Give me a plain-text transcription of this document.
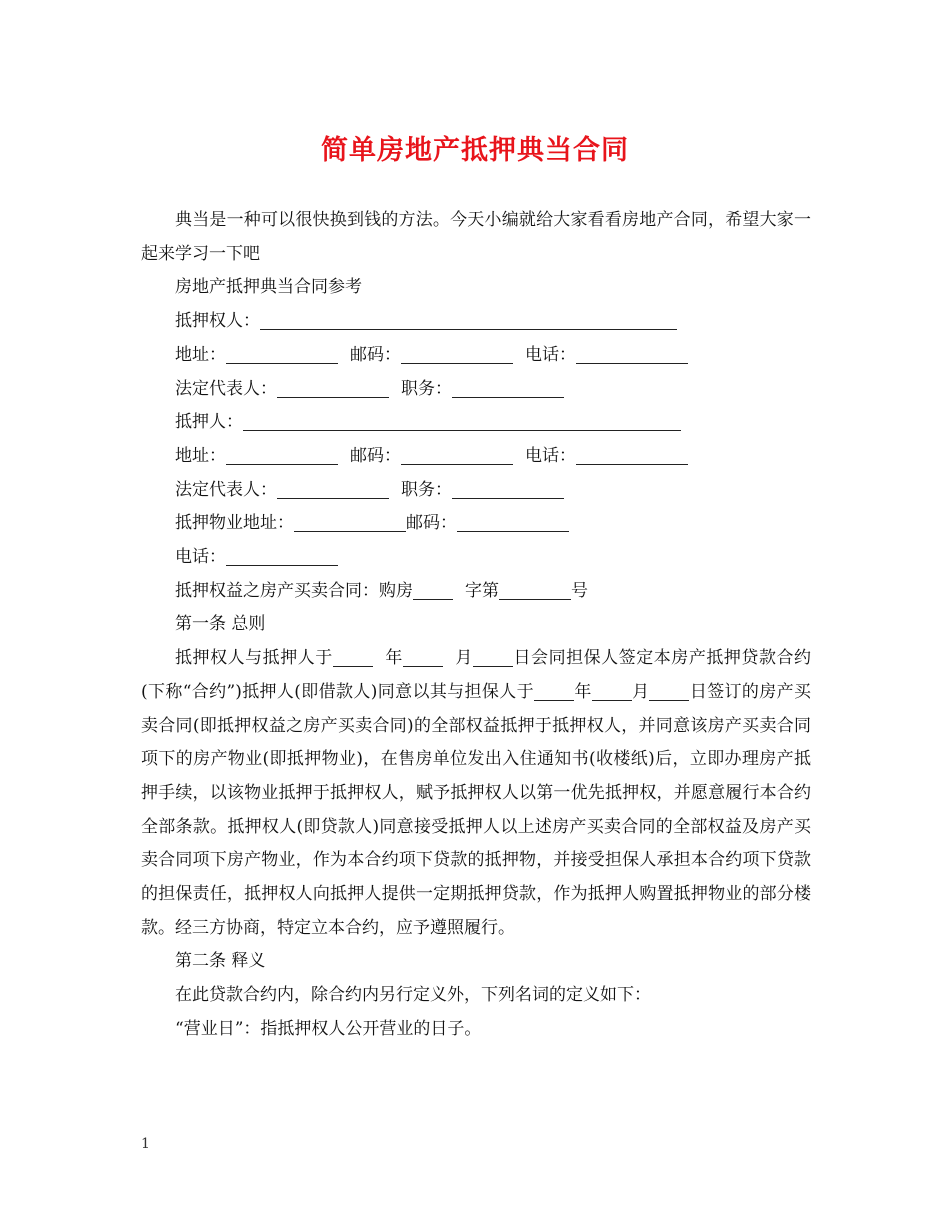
简单房地产抵押典当合同

典当是一种可以很快换到钱的方法。今天小编就给大家看看房地产合同，希望大家一起来学习一下吧

房地产抵押典当合同参考

抵押权人：

地址：	邮码：	电话：

法定代表人：	职务：

抵押人：

地址：	邮码：	电话：

法定代表人：	职务：

抵押物业地址：	邮码：

电话：

抵押权益之房产买卖合同：购房	字第	号

第一条 总则

抵押权人与抵押人于	年	月 日会同担保人签定本房产抵押贷款合约(下称“合约”)抵押人(即借款人)同意以其与担保人于 年 月 日签订的房产买卖合同(即抵押权益之房产买卖合同)的全部权益抵押于抵押权人，并同意该房产买卖合同项下的房产物业(即抵押物业)，在售房单位发出入住通知书(收楼纸)后，立即办理房产抵押手续，以该物业抵押于抵押权人，赋予抵押权人以第一优先抵押权，并愿意履行本合约全部条款。抵押权人(即贷款人)同意接受抵押人以上述房产买卖合同的全部权益及房产买卖合同项下房产物业，作为本合约项下贷款的抵押物，并接受担保人承担本合约项下贷款的担保责任，抵押权人向抵押人提供一定期抵押贷款，作为抵押人购置抵押物业的部分楼款。经三方协商，特定立本合约，应予遵照履行。

第二条 释义

在此贷款合约内，除合约内另行定义外，下列名词的定义如下：

“营业日”：指抵押权人公开营业的日子。

1
